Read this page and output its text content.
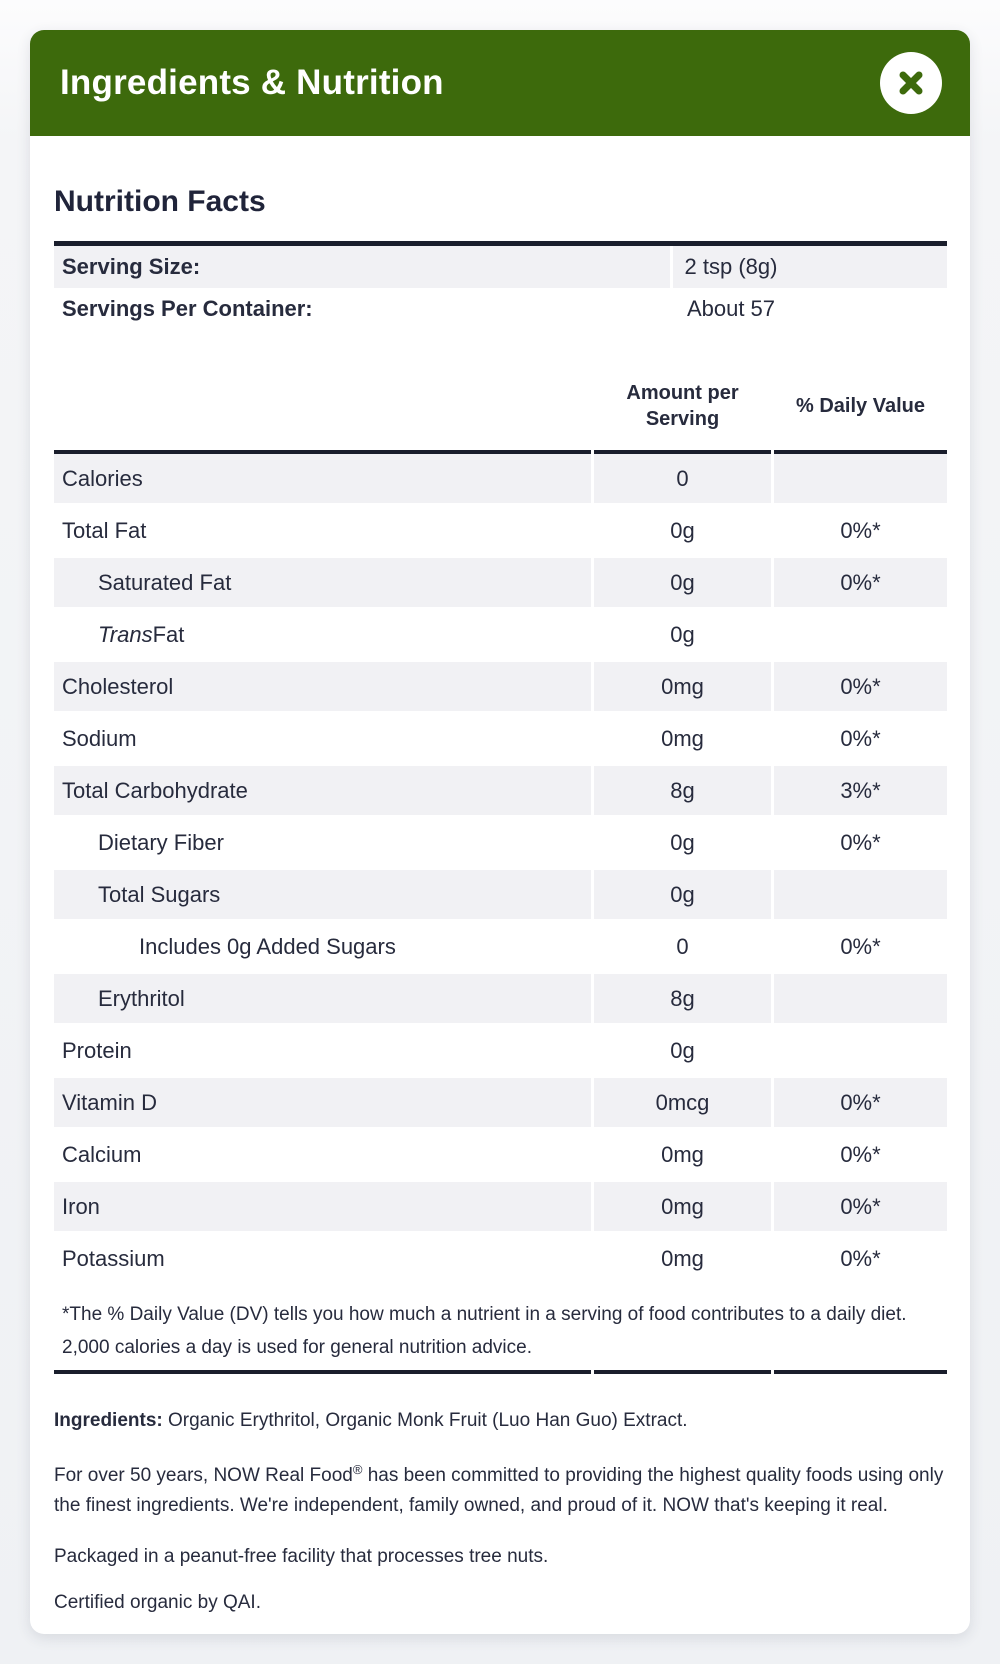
Ingredients & Nutrition
Nutrition Facts
Serving Size:	2 tsp (8g)
Servings Per Container:	About 57
Amount per
Serving
% Daily Value
Calories	0
Total Fat	0g	0%*
Saturated Fat	0g	0%*
Trans Fat	0g
Cholesterol	0mg	0%*
Sodium	0mg	0%*
Total Carbohydrate	8g	3%*
Dietary Fiber	0g	0%*
Total Sugars	0g
Includes 0g Added Sugars	0	0%*
Erythritol	8g
Protein	0g
Vitamin D	0mcg	0%*
Calcium	0mg	0%*
Iron	0mg	0%*
Potassium	0mg	0%*
*The % Daily Value (DV) tells you how much a nutrient in a serving of food contributes to a daily diet. 2,000 calories a day is used for general nutrition advice.

Ingredients: Organic Erythritol, Organic Monk Fruit (Luo Han Guo) Extract.

For over 50 years, NOW Real Food® has been committed to providing the highest quality foods using only the finest ingredients. We're independent, family owned, and proud of it. NOW that's keeping it real.

Packaged in a peanut-free facility that processes tree nuts.

Certified organic by QAI.
